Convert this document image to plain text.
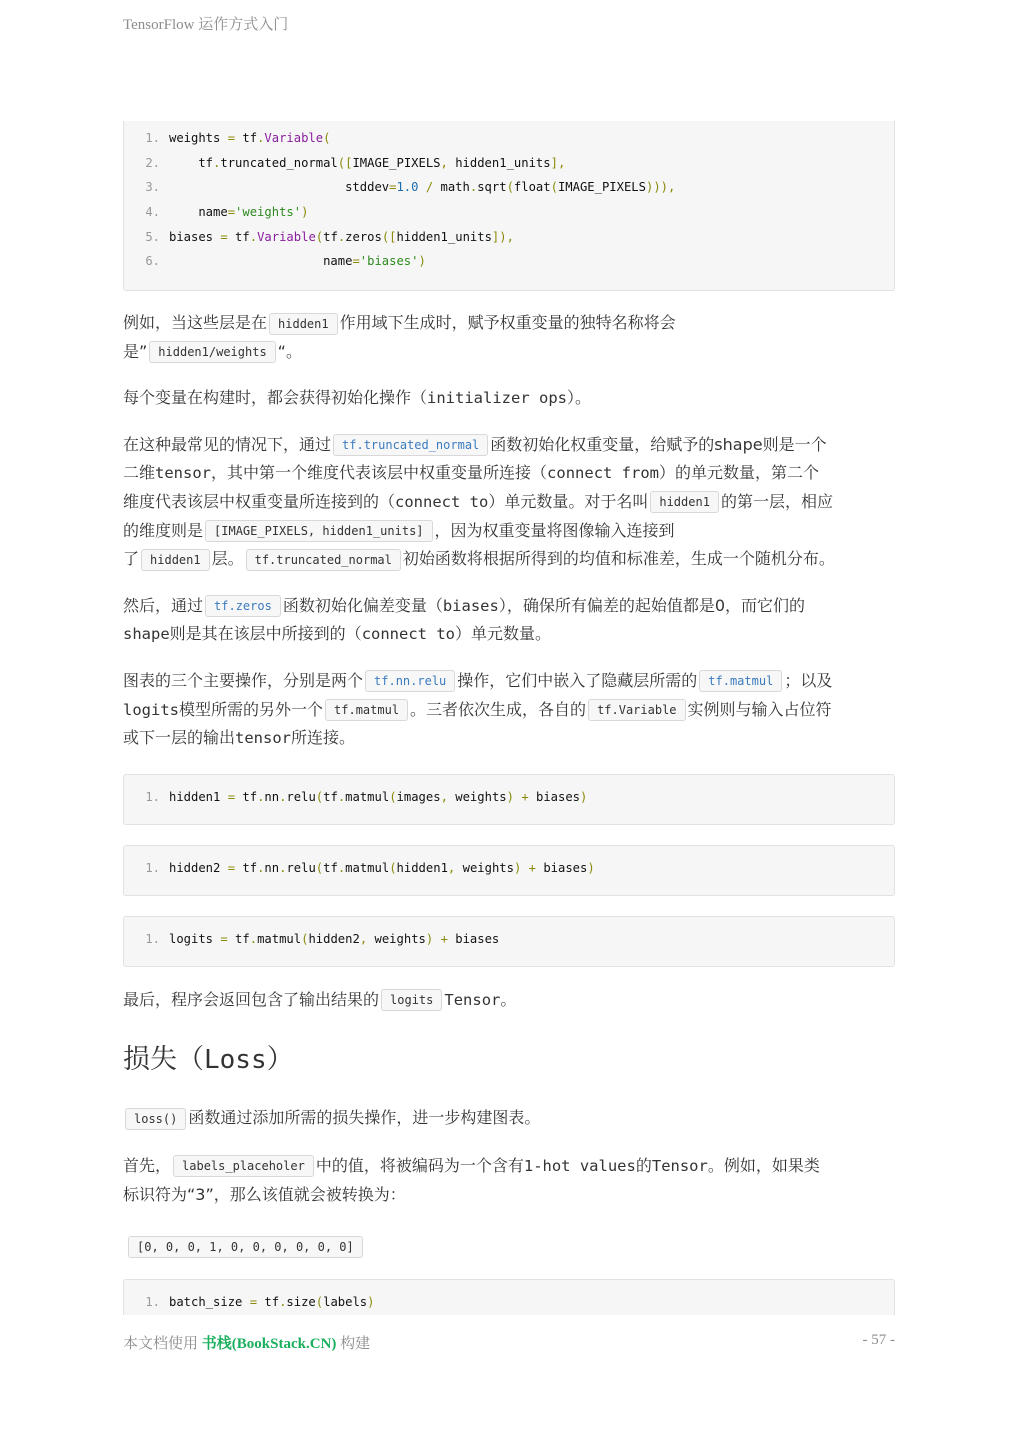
TensorFlow 运作方式入门
1. weights = tf.Variable(
2.    tf.truncated_normal([IMAGE_PIXELS, hidden1_units],
3.                        stddev=1.0 / math.sqrt(float(IMAGE_PIXELS))),
4.    name='weights')
5. biases = tf.Variable(tf.zeros([hidden1_units]),
6.                     name='biases')

例如，当这些层是在 hidden1 作用域下生成时，赋予权重变量的独特名称将会
是” hidden1/weights “。

每个变量在构建时，都会获得初始化操作（initializer ops）。

在这种最常见的情况下，通过 tf.truncated_normal 函数初始化权重变量，给赋予的shape则是一个
二维tensor，其中第一个维度代表该层中权重变量所连接（connect from）的单元数量，第二个
维度代表该层中权重变量所连接到的（connect to）单元数量。对于名叫 hidden1 的第一层，相应
的维度则是 [IMAGE_PIXELS, hidden1_units] ，因为权重变量将图像输入连接到
了 hidden1 层。 tf.truncated_normal 初始函数将根据所得到的均值和标准差，生成一个随机分布。

然后，通过 tf.zeros 函数初始化偏差变量（biases），确保所有偏差的起始值都是0，而它们的
shape则是其在该层中所接到的（connect to）单元数量。

图表的三个主要操作，分别是两个 tf.nn.relu 操作，它们中嵌入了隐藏层所需的 tf.matmul ；以及
logits模型所需的另外一个 tf.matmul 。三者依次生成，各自的 tf.Variable 实例则与输入占位符
或下一层的输出tensor所连接。

1. hidden1 = tf.nn.relu(tf.matmul(images, weights) + biases)
1. hidden2 = tf.nn.relu(tf.matmul(hidden1, weights) + biases)
1. logits = tf.matmul(hidden2, weights) + biases

最后，程序会返回包含了输出结果的 logits Tensor。

损失（Loss）

loss() 函数通过添加所需的损失操作，进一步构建图表。

首先， labels_placeholer 中的值，将被编码为一个含有1-hot values的Tensor。例如，如果类
标识符为“3”，那么该值就会被转换为：

[0, 0, 0, 1, 0, 0, 0, 0, 0, 0]

1. batch_size = tf.size(labels)
本文档使用 书栈(BookStack.CN) 构建	- 57 -
